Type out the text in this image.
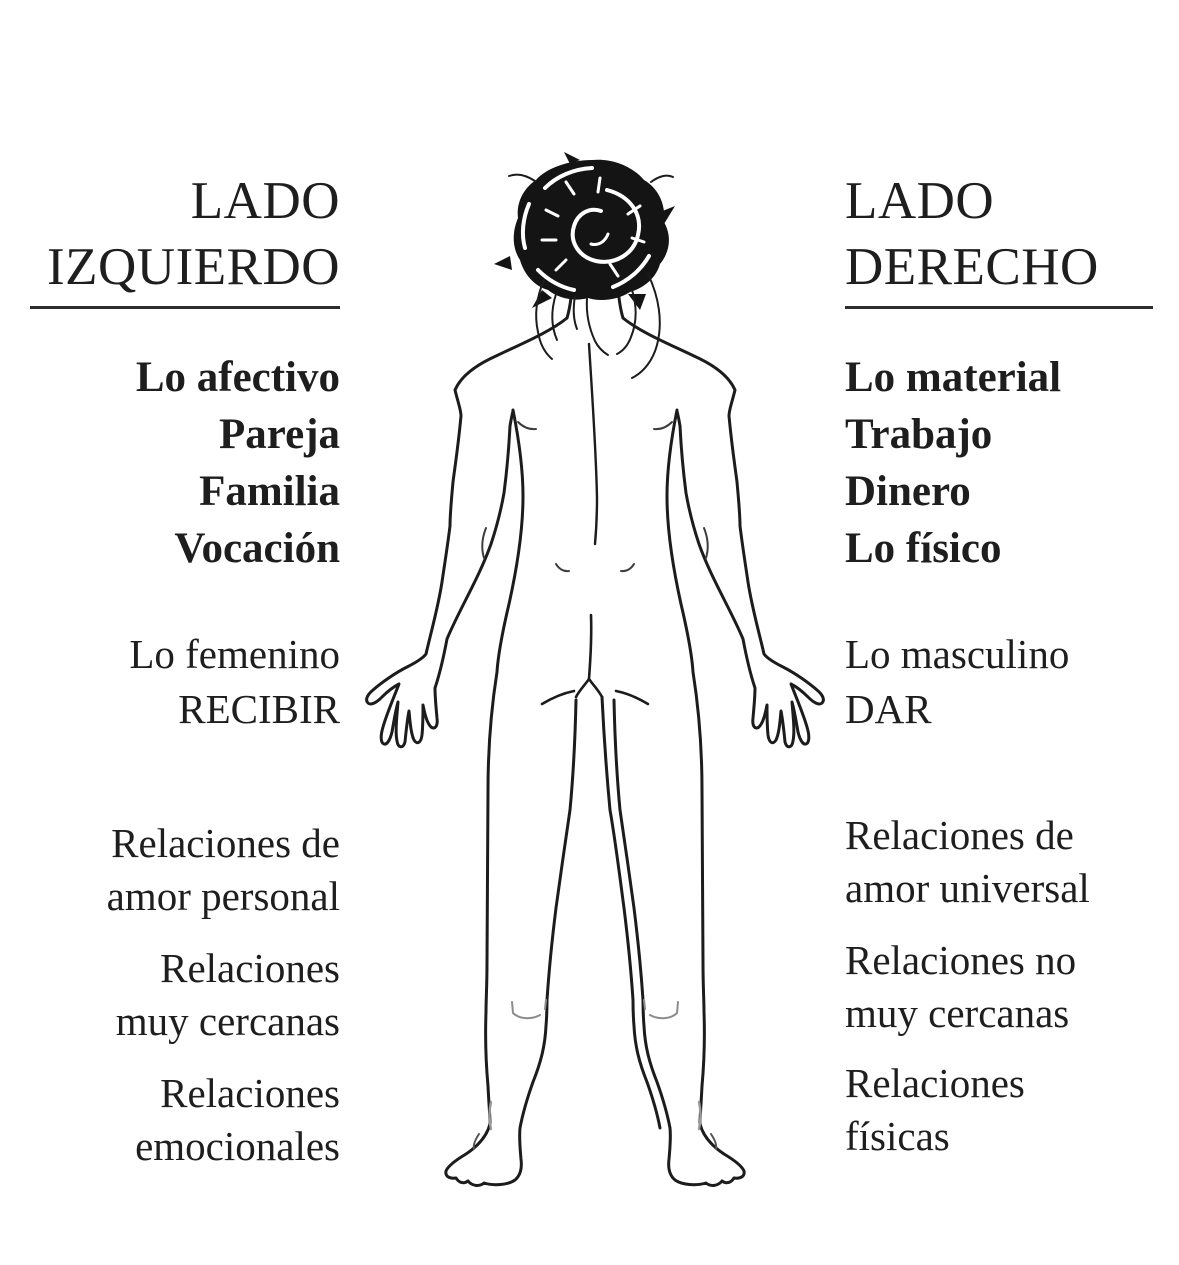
LADO
IZQUIERDO
Lo afectivo
Pareja
Familia
Vocación
Lo femenino
RECIBIR
Relaciones de
amor personal
Relaciones
muy cercanas
Relaciones
emocionales
LADO
DERECHO
Lo material
Trabajo
Dinero
Lo físico
Lo masculino
DAR
Relaciones de
amor universal
Relaciones no
muy cercanas
Relaciones
físicas
